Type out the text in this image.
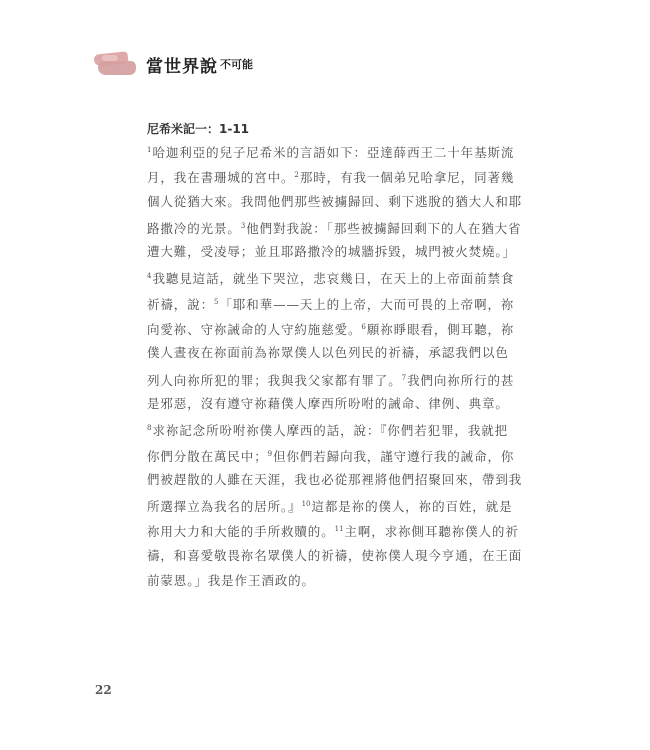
當世界說 不可能
尼希米記一：1-11
$^1$哈迦利亞的兒子尼希米的言語如下：亞達薛西王二十年基斯流
月，我在書珊城的宮中。$^2$那時，有我一個弟兄哈拿尼，同著幾
個人從猶大來。我問他們那些被擄歸回、剩下逃脫的猶大人和耶
路撒冷的光景。$^3$他們對我說：「那些被擄歸回剩下的人在猶大省
遭大難，受凌辱；並且耶路撒冷的城牆拆毀，城門被火焚燒。」
$^4$我聽見這話，就坐下哭泣，悲哀幾日，在天上的上帝面前禁食
祈禱，說：$^5$「耶和華——天上的上帝，大而可畏的上帝啊，祢
向愛祢、守祢誡命的人守約施慈愛。$^6$願祢睜眼看，側耳聽，祢
僕人晝夜在祢面前為祢眾僕人以色列民的祈禱，承認我們以色
列人向祢所犯的罪；我與我父家都有罪了。$^7$我們向祢所行的甚
是邪惡，沒有遵守祢藉僕人摩西所吩咐的誡命、律例、典章。
$^8$求祢記念所吩咐祢僕人摩西的話，說：『你們若犯罪，我就把
你們分散在萬民中；$^9$但你們若歸向我，謹守遵行我的誡命，你
們被趕散的人雖在天涯，我也必從那裡將他們招聚回來，帶到我
所選擇立為我名的居所。』$^{10}$這都是祢的僕人，祢的百姓，就是
祢用大力和大能的手所救贖的。$^{11}$主啊，求祢側耳聽祢僕人的祈
禱，和喜愛敬畏祢名眾僕人的祈禱，使祢僕人現今亨通，在王面
前蒙恩。」我是作王酒政的。
22
